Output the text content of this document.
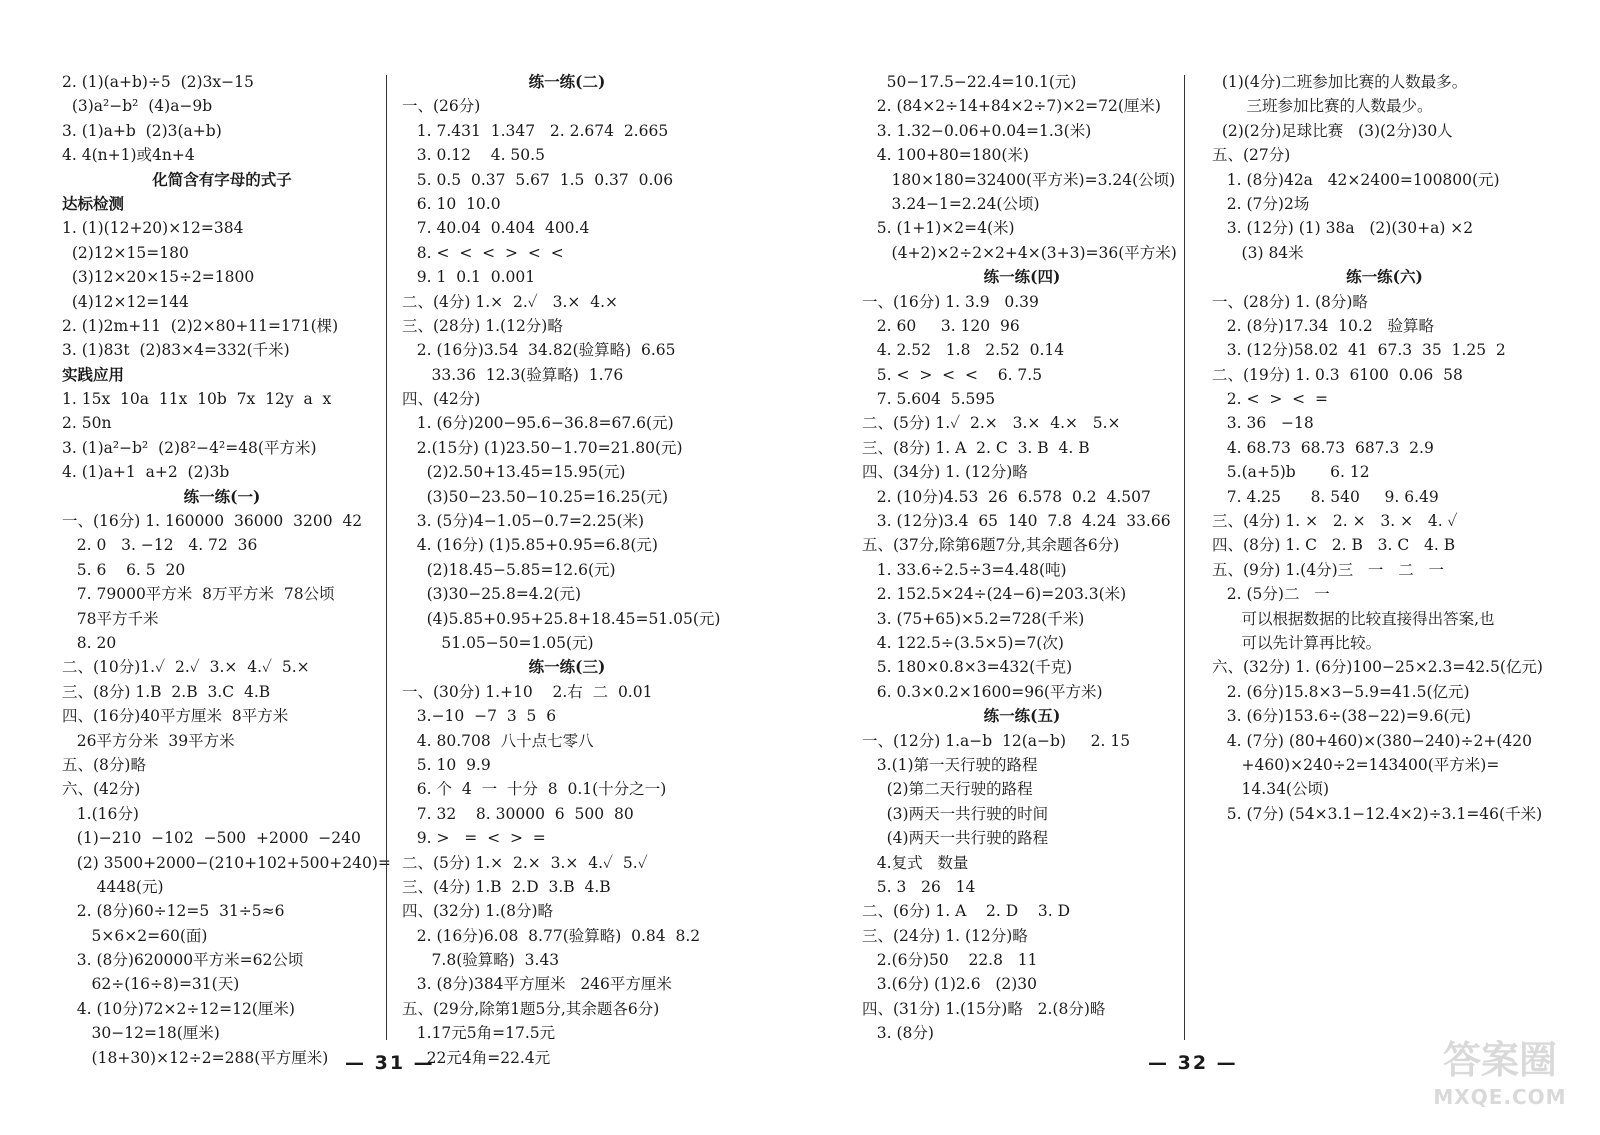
2. (1)(a+b)÷5  (2)3x−15
(3)a²−b²  (4)a−9b
3. (1)a+b  (2)3(a+b)
4. 4(n+1)或4n+4
化简含有字母的式子
达标检测
1. (1)(12+20)×12=384
(2)12×15=180
(3)12×20×15÷2=1800
(4)12×12=144
2. (1)2m+11  (2)2×80+11=171(棵)
3. (1)83t  (2)83×4=332(千米)
实践应用
1. 15x  10a  11x  10b  7x  12y  a  x
2. 50n
3. (1)a²−b²  (2)8²−4²=48(平方米)
4. (1)a+1  a+2  (2)3b
练一练(一)
一、(16分) 1. 160000  36000  3200  42
2. 0   3. −12   4. 72  36
5. 6    6. 5  20
7. 79000平方米  8万平方米  78公顷
78平方千米
8. 20
二、(10分)1.✓  2.✓  3.×  4.✓  5.×
三、(8分) 1.B  2.B  3.C  4.B
四、(16分)40平方厘米  8平方米
26平方分米  39平方米
五、(8分)略
六、(42分)
1.(16分)
(1)−210  −102  −500  +2000  −240
(2) 3500+2000−(210+102+500+240)=
4448(元)
2. (8分)60÷12=5  31÷5≈6
5×6×2=60(面)
3. (8分)620000平方米=62公顷
62÷(16÷8)=31(天)
4. (10分)72×2÷12=12(厘米)
30−12=18(厘米)
(18+30)×12÷2=288(平方厘米)
练一练(二)
一、(26分)
1. 7.431  1.347   2. 2.674  2.665
3. 0.12    4. 50.5
5. 0.5  0.37  5.67  1.5  0.37  0.06
6. 10  10.0
7. 40.04  0.404  400.4
8. <  <  <  >  <  <
9. 1  0.1  0.001
二、(4分) 1.×  2.✓   3.×  4.×
三、(28分) 1.(12分)略
2. (16分)3.54  34.82(验算略)  6.65
33.36  12.3(验算略)  1.76
四、(42分)
1. (6分)200−95.6−36.8=67.6(元)
2.(15分) (1)23.50−1.70=21.80(元)
(2)2.50+13.45=15.95(元)
(3)50−23.50−10.25=16.25(元)
3. (5分)4−1.05−0.7=2.25(米)
4. (16分) (1)5.85+0.95=6.8(元)
(2)18.45−5.85=12.6(元)
(3)30−25.8=4.2(元)
(4)5.85+0.95+25.8+18.45=51.05(元)
51.05−50=1.05(元)
练一练(三)
一、(30分) 1.+10    2.右  二  0.01
3.−10  −7  3  5  6
4. 80.708  八十点七零八
5. 10  9.9
6. 个  4  一  十分  8  0.1(十分之一)
7. 32    8. 30000  6  500  80
9. >   =  <  >  =
二、(5分) 1.×  2.×  3.×  4.✓  5.✓
三、(4分) 1.B  2.D  3.B  4.B
四、(32分) 1.(8分)略
2. (16分)6.08  8.77(验算略)  0.84  8.2
7.8(验算略)  3.43
3. (8分)384平方厘米   246平方厘米
五、(29分,除第1题5分,其余题各6分)
1.17元5角=17.5元
22元4角=22.4元
— 31 —
50−17.5−22.4=10.1(元)
2. (84×2÷14+84×2÷7)×2=72(厘米)
3. 1.32−0.06+0.04=1.3(米)
4. 100+80=180(米)
180×180=32400(平方米)=3.24(公顷)
3.24−1=2.24(公顷)
5. (1+1)×2=4(米)
(4+2)×2÷2×2+4×(3+3)=36(平方米)
练一练(四)
一、(16分) 1. 3.9   0.39
2. 60     3. 120  96
4. 2.52   1.8   2.52  0.14
5. <  >  <  <    6. 7.5
7. 5.604  5.595
二、(5分) 1.✓  2.×   3.×  4.×   5.×
三、(8分) 1. A  2. C  3. B  4. B
四、(34分) 1. (12分)略
2. (10分)4.53  26  6.578  0.2  4.507
3. (12分)3.4  65  140  7.8  4.24  33.66
五、(37分,除第6题7分,其余题各6分)
1. 33.6÷2.5÷3=4.48(吨)
2. 152.5×24÷(24−6)=203.3(米)
3. (75+65)×5.2=728(千米)
4. 122.5÷(3.5×5)=7(次)
5. 180×0.8×3=432(千克)
6. 0.3×0.2×1600=96(平方米)
练一练(五)
一、(12分) 1.a−b  12(a−b)     2. 15
3.(1)第一天行驶的路程
(2)第二天行驶的路程
(3)两天一共行驶的时间
(4)两天一共行驶的路程
4.复式   数量
5. 3   26   14
二、(6分) 1. A    2. D    3. D
三、(24分) 1. (12分)略
2.(6分)50    22.8   11
3.(6分) (1)2.6   (2)30
四、(31分) 1.(15分)略   2.(8分)略
3. (8分)
(1)(4分)二班参加比赛的人数最多。
三班参加比赛的人数最少。
(2)(2分)足球比赛   (3)(2分)30人
五、(27分)
1. (8分)42a   42×2400=100800(元)
2. (7分)2场
3. (12分) (1) 38a   (2)(30+a) ×2
(3) 84米
练一练(六)
一、(28分) 1. (8分)略
2. (8分)17.34  10.2   验算略
3. (12分)58.02  41  67.3  35  1.25  2
二、(19分) 1. 0.3  6100  0.06  58
2. <  >  <  =
3. 36   −18
4. 68.73  68.73  687.3  2.9
5.(a+5)b       6. 12
7. 4.25      8. 540     9. 6.49
三、(4分) 1. ×   2. ×   3. ×   4. ✓
四、(8分) 1. C   2. B   3. C   4. B
五、(9分) 1.(4分)三   一   二   一
2. (5分)二   一
可以根据数据的比较直接得出答案,也
可以先计算再比较。
六、(32分) 1. (6分)100−25×2.3=42.5(亿元)
2. (6分)15.8×3−5.9=41.5(亿元)
3. (6分)153.6÷(38−22)=9.6(元)
4. (7分) (80+460)×(380−240)÷2+(420
+460)×240÷2=143400(平方米)=
14.34(公顷)
5. (7分) (54×3.1−12.4×2)÷3.1=46(千米)
— 32 —	答案圈
MXQE.COM
